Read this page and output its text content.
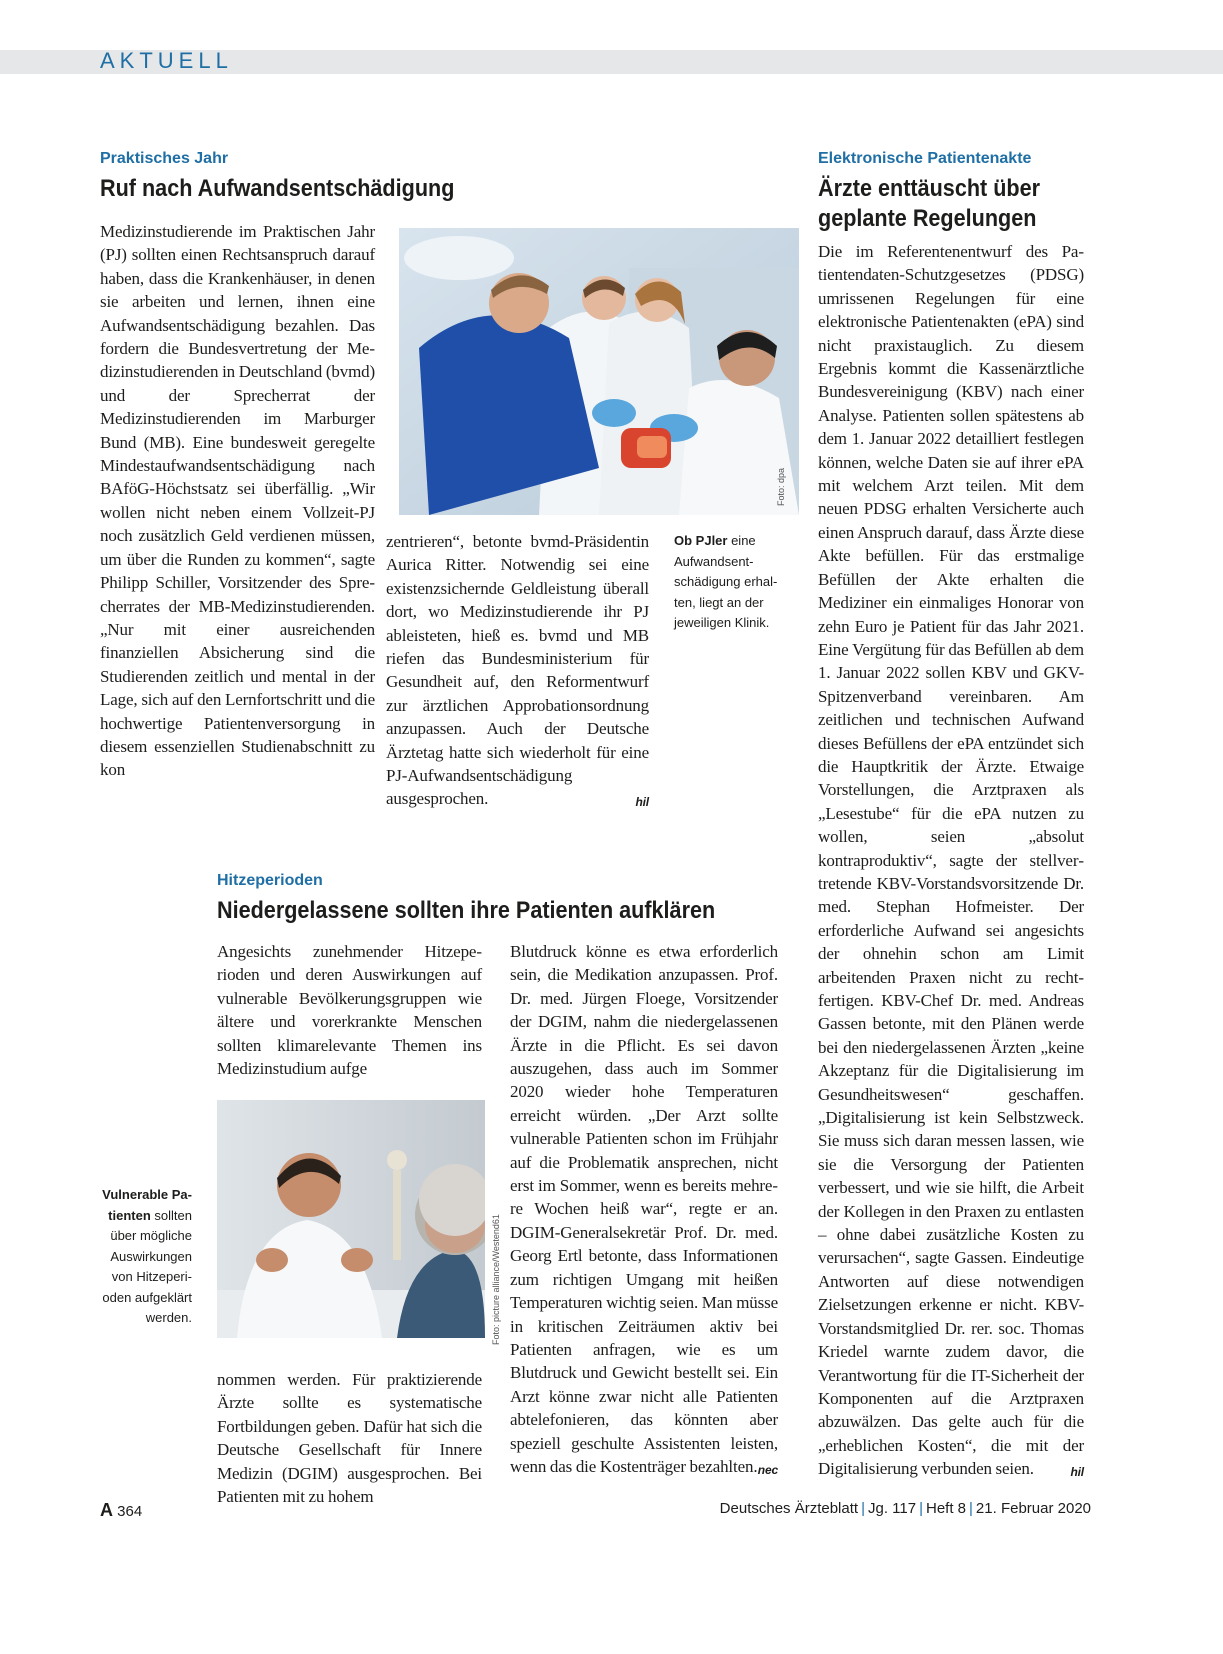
AKTUELL
Praktisches Jahr
Ruf nach Aufwandsentschädigung

Medizinstudierende im Praktischen Jahr (PJ) sollten einen Rechtsanspruch darauf haben, dass die Krankenhäuser, in denen sie arbeiten und lernen, ihnen eine Aufwandsentschädigung bezahlen. Das fordern die Bundesvertretung der Medizinstudierenden in Deutschland (bvmd) und der Sprecherrat der Medizinstudierenden im Marburger Bund (MB). Eine bundesweit geregelte Mindestaufwandsentschädigung nach BAföG-Höchstsatz sei überfällig. „Wir wollen nicht neben einem Vollzeit-PJ noch zusätzlich Geld verdienen müssen, um über die Runden zu kommen“, sagte Philipp Schiller, Vorsitzender des Sprecherrates der MB-Medizinstudierenden. „Nur mit einer ausreichenden finanziellen Absicherung sind die Studierenden zeitlich und mental in der Lage, sich auf den Lernfortschritt und die hochwertige Patientenversorgung in diesem essenziellen Studienabschnitt zu kon

Foto: dpa

zentrieren“, betonte bvmd-Präsidentin Aurica Ritter. Notwendig sei eine existenzsichernde Geldleistung überall dort, wo Medizinstudierende ihr PJ ableisteten, hieß es. bvmd und MB riefen das Bundesministerium für Gesundheit auf, den Reformentwurf zur ärztlichen Approbationsordnung anzupassen. Auch der Deutsche Ärztetag hatte sich wiederholt für eine PJ-Aufwandsentschädigung ausgesprochen.	hil

Ob PJler eine Aufwandsentschädigung erhalten, liegt an der jeweiligen Klinik.
Elektronische Patientenakte
Ärzte enttäuscht über
geplante Regelungen

Die im Referentenentwurf des Patientendaten-Schutzgesetzes (PDSG) umrissenen Regelungen für eine elektronische Patientenakten (ePA) sind nicht praxistauglich. Zu diesem Ergebnis kommt die Kassenärztliche Bundesvereinigung (KBV) nach einer Analyse. Patienten sollen spätestens ab dem 1. Januar 2022 detailliert festlegen können, welche Daten sie auf ihrer ePA mit welchem Arzt teilen. Mit dem neuen PDSG erhalten Versicherte auch einen Anspruch darauf, dass Ärzte diese Akte befüllen. Für das erstmalige Befüllen der Akte erhalten die Mediziner ein einmaliges Honorar von zehn Euro je Patient für das Jahr 2021. Eine Vergütung für das Befüllen ab dem 1. Januar 2022 sollen KBV und GKV-Spitzenverband vereinbaren. Am zeitlichen und technischen Aufwand dieses Befüllens der ePA entzündet sich die Hauptkritik der Ärzte. Etwaige Vorstellungen, die Arztpraxen als „Lesestube“ für die ePA nutzen zu wollen, seien „absolut kontraproduktiv“, sagte der stellvertretende KBV-Vorstandsvorsitzende Dr. med. Stephan Hofmeister. Der erforderliche Aufwand sei angesichts der ohnehin schon am Limit arbeitenden Praxen nicht zu rechtfertigen. KBV-Chef Dr. med. Andreas Gassen betonte, mit den Plänen werde bei den niedergelassenen Ärzten „keine Akzeptanz für die Digitalisierung im Gesundheitswesen“ geschaffen. „Digitalisierung ist kein Selbstzweck. Sie muss sich daran messen lassen, wie sie die Versorgung der Patienten verbessert, und wie sie hilft, die Arbeit der Kollegen in den Praxen zu entlasten – ohne dabei zusätzliche Kosten zu verursachen“, sagte Gassen. Eindeutige Antworten auf diese notwendigen Zielsetzungen erkenne er nicht. KBV-Vorstandsmitglied Dr. rer. soc. Thomas Kriedel warnte zudem davor, die Verantwortung für die IT-Sicherheit der Komponenten auf die Arztpraxen abzuwälzen. Das gelte auch für die „erheblichen Kosten“, die mit der Digitalisierung verbunden seien.	hil

Hitzeperioden
Niedergelassene sollten ihre Patienten aufklären

Angesichts zunehmender Hitzeperioden und deren Auswirkungen auf vulnerable Bevölkerungsgruppen wie ältere und vorerkrankte Menschen sollten klimarelevante Themen ins Medizinstudium aufge

Foto: picture alliance/Westend61
Vulnerable Patienten sollten über mögliche Auswirkungen von Hitzeperioden aufgeklärt werden.

nommen werden. Für praktizierende Ärzte sollte es systematische Fortbildungen geben. Dafür hat sich die Deutsche Gesellschaft für Innere Medizin (DGIM) ausgesprochen. Bei Patienten mit zu hohem

Blutdruck könne es etwa erforderlich sein, die Medikation anzupassen. Prof. Dr. med. Jürgen Floege, Vorsitzender der DGIM, nahm die niedergelassenen Ärzte in die Pflicht. Es sei davon auszugehen, dass auch im Sommer 2020 wieder hohe Temperaturen erreicht würden. „Der Arzt sollte vulnerable Patienten schon im Frühjahr auf die Problematik ansprechen, nicht erst im Sommer, wenn es bereits mehrere Wochen heiß war“, regte er an. DGIM-Generalsekretär Prof. Dr. med. Georg Ertl betonte, dass Informationen zum richtigen Umgang mit heißen Temperaturen wichtig seien. Man müsse in kritischen Zeiträumen aktiv bei Patienten anfragen, wie es um Blutdruck und Gewicht bestellt sei. Ein Arzt könne zwar nicht alle Patienten abtelefonieren, das könnten aber speziell geschulte Assistenten leisten, wenn das die Kostenträger bezahlten. nec

A 364	Deutsches Ärzteblatt | Jg. 117 | Heft 8 | 21. Februar 2020
